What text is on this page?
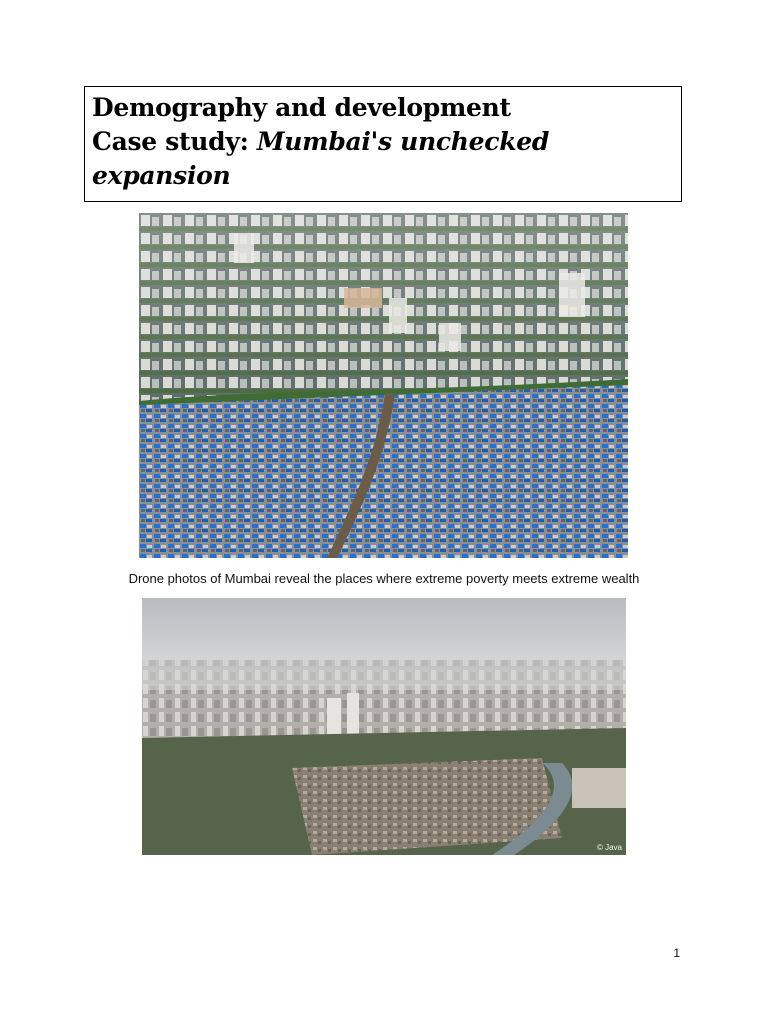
Demography and development

Case study: Mumbai's unchecked

expansion

Drone photos of Mumbai reveal the places where extreme poverty meets extreme wealth
© Java
1
